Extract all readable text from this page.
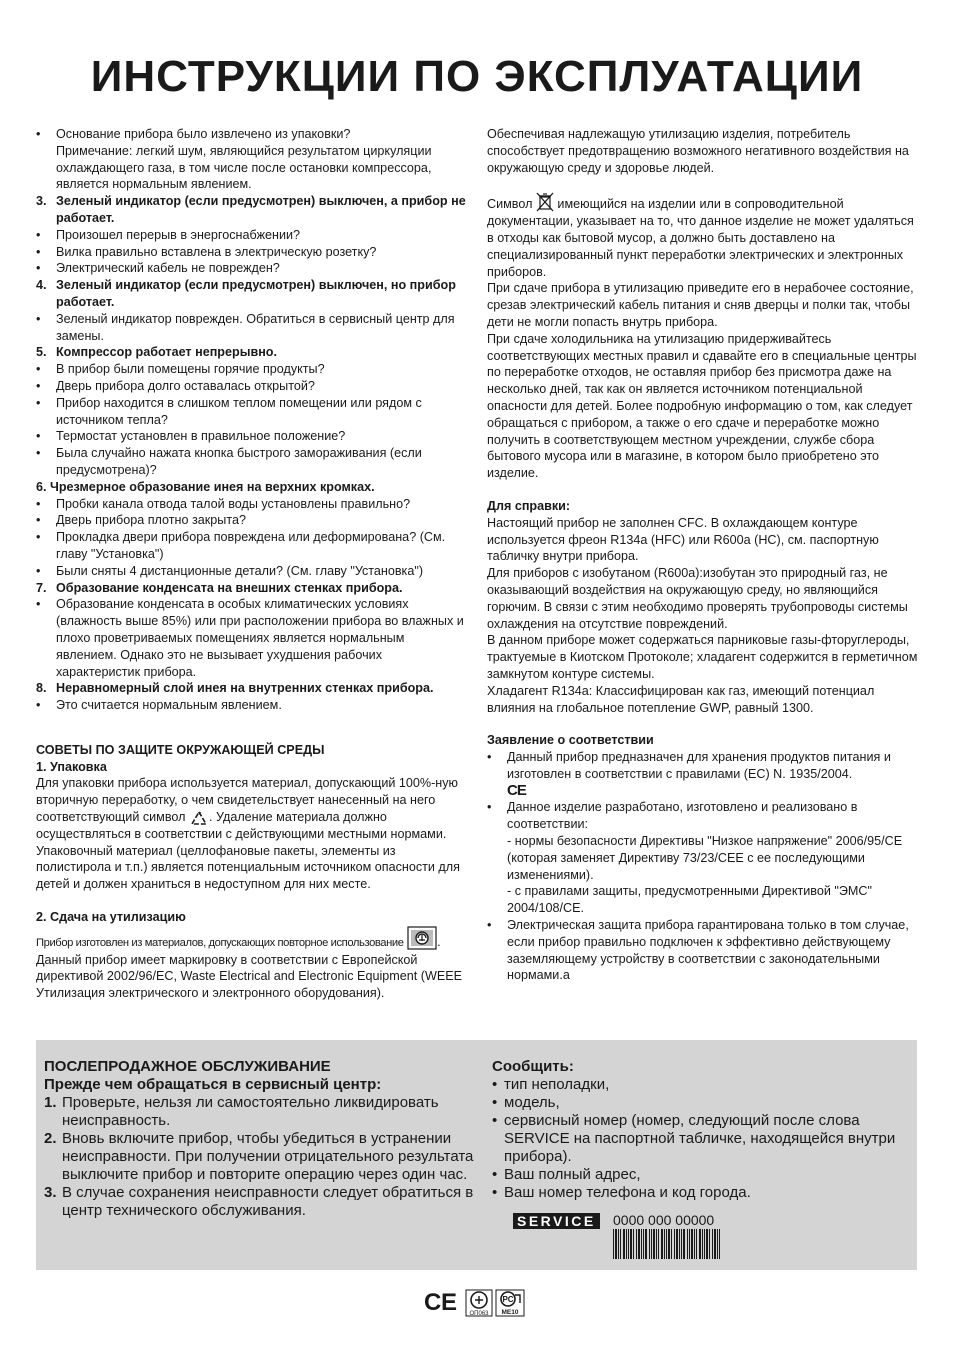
ИНСТРУКЦИИ ПО ЭКСПЛУАТАЦИИ
•	Основание прибора было извлечено из упаковки?
Примечание: легкий шум, являющийся результатом циркуляции охлаждающего газа, в том числе после остановки компрессора, является нормальным явлением.
3. Зеленый индикатор (если предусмотрен) выключен, а прибор не работает.
•	Произошел перерыв в энергоснабжении?
•	Вилка правильно вставлена в электрическую розетку?
•	Электрический кабель не поврежден?
4. Зеленый индикатор (если предусмотрен) выключен, но прибор работает.
•	Зеленый индикатор поврежден. Обратиться в сервисный центр для замены.
5. Компрессор работает непрерывно.
•	В прибор были помещены горячие продукты?
•	Дверь прибора долго оставалась открытой?
•	Прибор находится в слишком теплом помещении или рядом с источником тепла?
•	Термостат установлен в правильное положение?
•	Была случайно нажата кнопка быстрого замораживания (если предусмотрена)?
6. Чрезмерное образование инея на верхних кромках.
•	Пробки канала отвода талой воды установлены правильно?
•	Дверь прибора плотно закрыта?
•	Прокладка двери прибора повреждена или деформирована? (См. главу "Установка")
•	Были сняты 4 дистанционные детали? (См. главу "Установка")
7. Образование конденсата на внешних стенках прибора.
•	Образование конденсата в особых климатических условиях (влажность выше 85%) или при расположении прибора во влажных и плохо проветриваемых помещениях является нормальным явлением. Однако это не вызывает ухудшения рабочих характеристик прибора.
8. Неравномерный слой инея на внутренних стенках прибора.
•	Это считается нормальным явлением.
СОВЕТЫ ПО ЗАЩИТЕ ОКРУЖАЮЩЕЙ СРЕДЫ
1. Упаковка
Для упаковки прибора используется материал, допускающий 100%-ную вторичную переработку, о чем свидетельствует нанесенный на него соответствующий символ . Удаление материала должно осуществляться в соответствии с действующими местными нормами. Упаковочный материал (целлофановые пакеты, элементы из полистирола и т.п.) является потенциальным источником опасности для детей и должен храниться в недоступном для них месте.
2. Сдача на утилизацию
Прибор изготовлен из материалов, допускающих повторное использование	.
Данный прибор имеет маркировку в соответствии с Европейской директивой 2002/96/EC, Waste Electrical and Electronic Equipment (WEEE Утилизация электрического и электронного оборудования).
Обеспечивая надлежащую утилизацию изделия, потребитель способствует предотвращению возможного негативного воздействия на окружающую среду и здоровье людей.
Символ  имеющийся на изделии или в сопроводительной документации, указывает на то, что данное изделие не может удаляться в отходы как бытовой мусор, а должно быть доставлено на специализированный пункт переработки электрических и электронных приборов.
При сдаче прибора в утилизацию приведите его в нерабочее состояние, срезав электрический кабель питания и сняв дверцы и полки так, чтобы дети не могли попасть внутрь прибора.
При сдаче холодильника на утилизацию придерживайтесь соответствующих местных правил и сдавайте его в специальные центры по переработке отходов, не оставляя прибор без присмотра даже на несколько дней, так как он является источником потенциальной опасности для детей. Более подробную информацию о том, как следует обращаться с прибором, а также о его сдаче и переработке можно получить в соответствующем местном учреждении, службе сбора бытового мусора или в магазине, в котором было приобретено это изделие.
Для справки:
Настоящий прибор не заполнен CFC. В охлаждающем контуре используется фреон R134a (HFC) или R600a (HC), см. паспортную табличку внутри прибора.
Для приборов с изобутаном (R600a):изобутан это природный газ, не оказывающий воздействия на окружающую среду, но являющийся горючим. В связи с этим необходимо проверять трубопроводы системы охлаждения на отсутствие повреждений.
В данном приборе может содержаться парниковые газы-фторуглероды, трактуемые в Киотском Протоколе; хладагент содержится в герметичном замкнутом контуре системы.
Хладагент R134a: Классифицирован как газ, имеющий потенциал влияния на глобальное потепление GWP, равный 1300.
Заявление о соответствии
•	Данный прибор предназначен для хранения продуктов питания и изготовлен в соответствии с правилами (ЕС) N. 1935/2004.
CE
•	Данное изделие разработано, изготовлено и реализовано в соответствии:
- нормы безопасности Директивы "Низкое напряжение" 2006/95/CE (которая заменяет Директиву 73/23/CEE с ее последующими изменениями).
- с правилами защиты, предусмотренными Директивой "ЭМС" 2004/108/CE.
•	Электрическая защита прибора гарантирована только в том случае, если прибор правильно подключен к эффективно действующему заземляющему устройству в соответствии с законодательными нормами.а
ПОСЛЕПРОДАЖНОЕ ОБСЛУЖИВАНИЕ
Прежде чем обращаться в сервисный центр:
1. Проверьте, нельзя ли самостоятельно ликвидировать неисправность.
2. Вновь включите прибор, чтобы убедиться в устранении неисправности. При получении отрицательного результата выключите прибор и повторите операцию через один час.
3. В случае сохранения неисправности следует обратиться в центр технического обслуживания.
Сообщить:
• тип неполадки,
• модель,
• сервисный номер (номер, следующий после слова SERVICE на паспортной табличке, находящейся внутри прибора).
• Ваш полный адрес,
• Ваш номер телефона и код города.
SERVICE 0000 000 00000
C E ОП063
PC
МЕ10
